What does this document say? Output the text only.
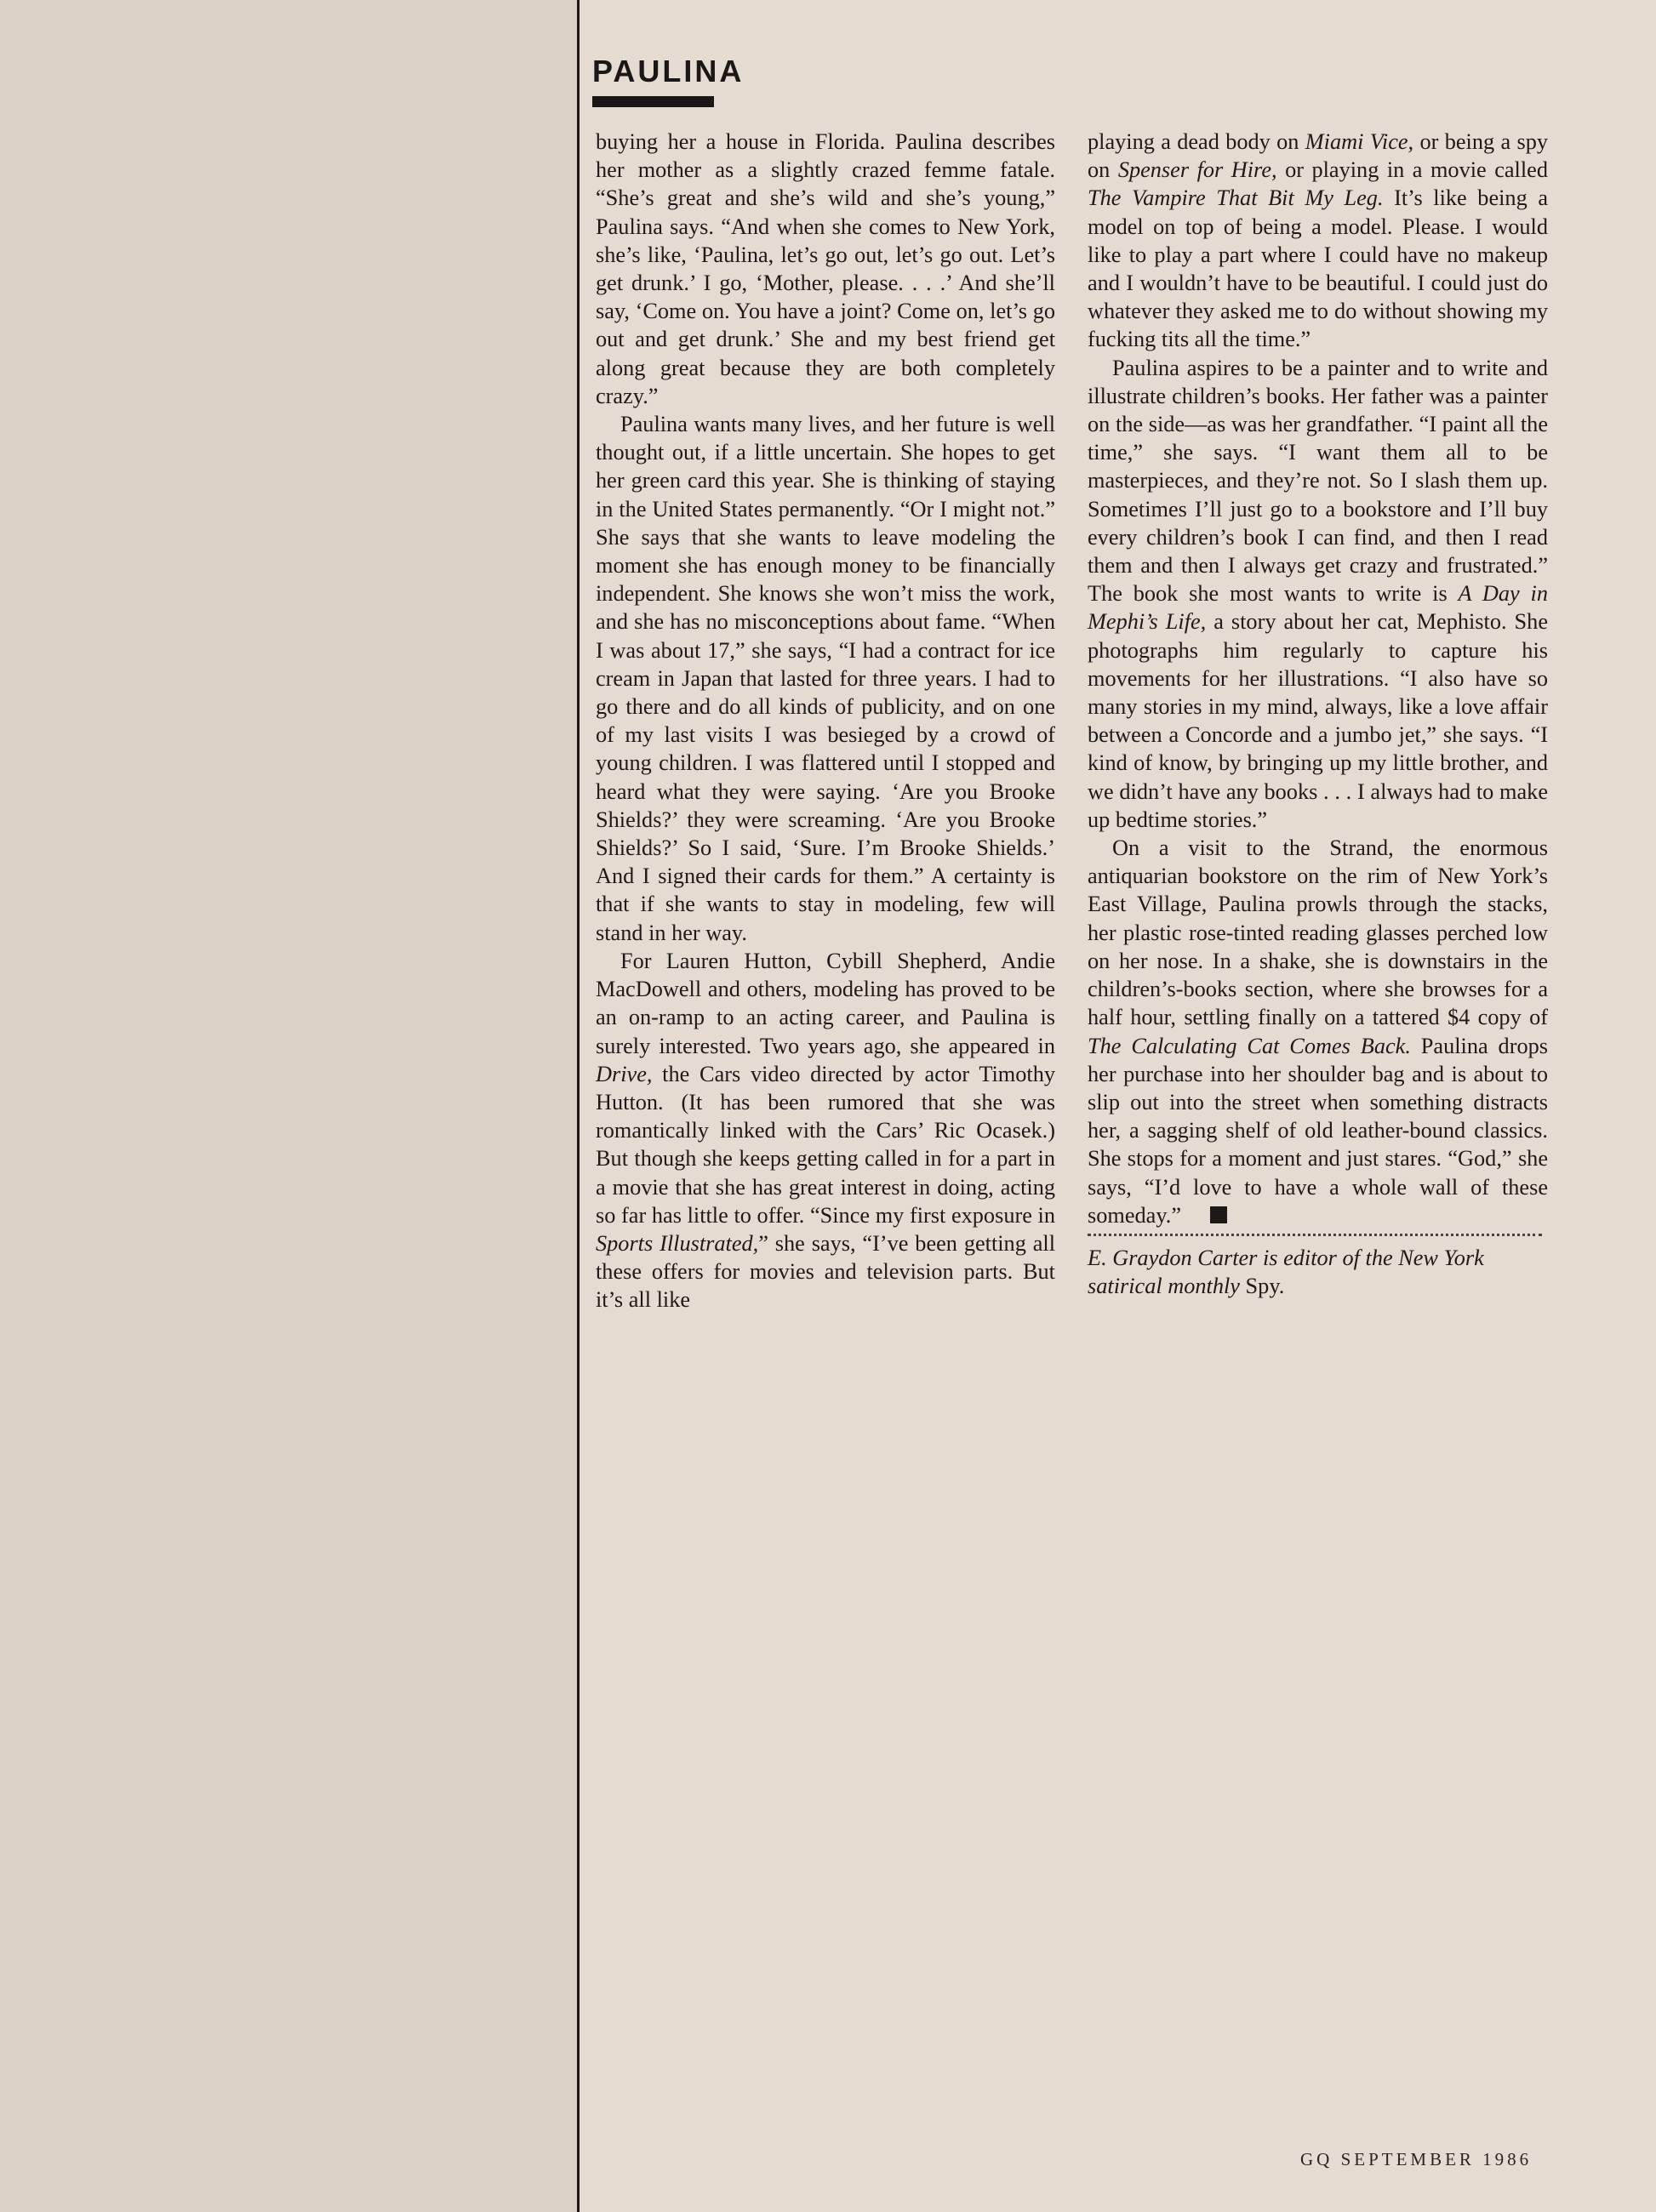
PAULINA

buying her a house in Florida. Paulina describes her mother as a slightly crazed femme fatale. “She’s great and she’s wild and she’s young,” Paulina says. “And when she comes to New York, she’s like, ‘Paulina, let’s go out, let’s go out. Let’s get drunk.’ I go, ‘Mother, please. . . .’ And she’ll say, ‘Come on. You have a joint? Come on, let’s go out and get drunk.’ She and my best friend get along great because they are both completely crazy.”

Paulina wants many lives, and her future is well thought out, if a little uncertain. She hopes to get her green card this year. She is thinking of staying in the United States permanently. “Or I might not.” She says that she wants to leave modeling the moment she has enough money to be financially independent. She knows she won’t miss the work, and she has no misconceptions about fame. “When I was about 17,” she says, “I had a contract for ice cream in Japan that lasted for three years. I had to go there and do all kinds of publicity, and on one of my last visits I was besieged by a crowd of young children. I was flattered until I stopped and heard what they were saying. ‘Are you Brooke Shields?’ they were screaming. ‘Are you Brooke Shields?’ So I said, ‘Sure. I’m Brooke Shields.’ And I signed their cards for them.” A certainty is that if she wants to stay in modeling, few will stand in her way.

For Lauren Hutton, Cybill Shepherd, Andie MacDowell and others, modeling has proved to be an on-ramp to an acting career, and Paulina is surely interested. Two years ago, she appeared in Drive, the Cars video directed by actor Timothy Hutton. (It has been rumored that she was romantically linked with the Cars’ Ric Ocasek.) But though she keeps getting called in for a part in a movie that she has great interest in doing, acting so far has little to offer. “Since my first exposure in Sports Illustrated,” she says, “I’ve been getting all these offers for movies and television parts. But it’s all like

playing a dead body on Miami Vice, or being a spy on Spenser for Hire, or playing in a movie called The Vampire That Bit My Leg. It’s like being a model on top of being a model. Please. I would like to play a part where I could have no makeup and I wouldn’t have to be beautiful. I could just do whatever they asked me to do without showing my fucking tits all the time.”

Paulina aspires to be a painter and to write and illustrate children’s books. Her father was a painter on the side—as was her grandfather. “I paint all the time,” she says. “I want them all to be masterpieces, and they’re not. So I slash them up. Sometimes I’ll just go to a bookstore and I’ll buy every children’s book I can find, and then I read them and then I always get crazy and frustrated.” The book she most wants to write is A Day in Mephi’s Life, a story about her cat, Mephisto. She photographs him regularly to capture his movements for her illustrations. “I also have so many stories in my mind, always, like a love affair between a Concorde and a jumbo jet,” she says. “I kind of know, by bringing up my little brother, and we didn’t have any books . . . I always had to make up bedtime stories.”

On a visit to the Strand, the enormous antiquarian bookstore on the rim of New York’s East Village, Paulina prowls through the stacks, her plastic rose-tinted reading glasses perched low on her nose. In a shake, she is downstairs in the children’s-books section, where she browses for a half hour, settling finally on a tattered $4 copy of The Calculating Cat Comes Back. Paulina drops her purchase into her shoulder bag and is about to slip out into the street when something distracts her, a sagging shelf of old leather-bound classics. She stops for a moment and just stares. “God,” she says, “I’d love to have a whole wall of these someday.”

E. Graydon Carter is editor of the New York satirical monthly Spy.

GQ SEPTEMBER 1986
